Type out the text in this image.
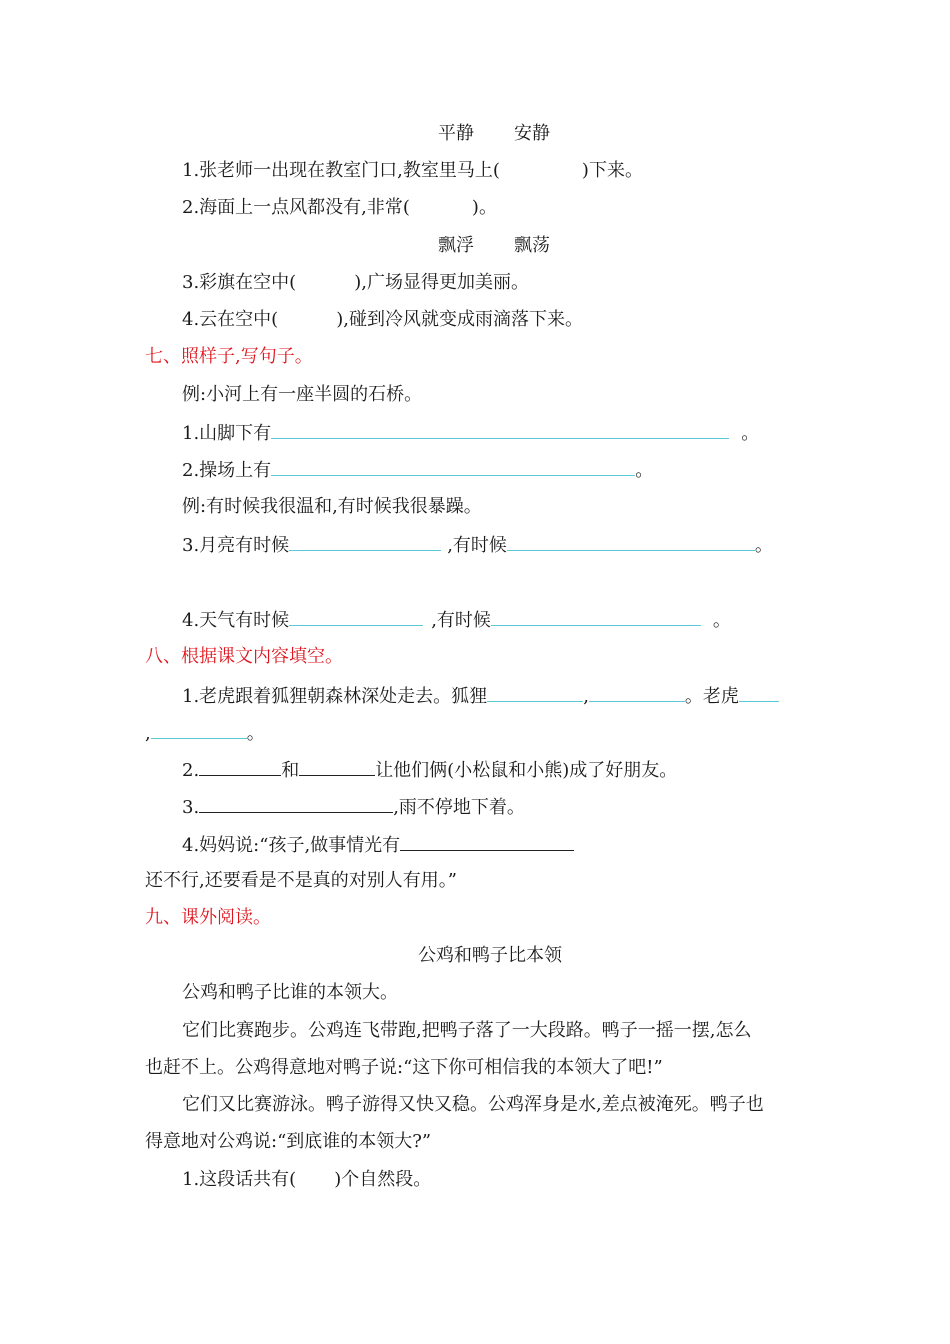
平静 安静
1.张老师一出现在教室门口,教室里马上(	)下来。
2.海面上一点风都没有,非常(	)。
飘浮 飘荡
3.彩旗在空中(	),广场显得更加美丽。
4.云在空中(	),碰到冷风就变成雨滴落下来。
七、照样子,写句子。
例:小河上有一座半圆的石桥。
1.山脚下有	。
2.操场上有	。
例:有时候我很温和,有时候我很暴躁。
3.月亮有时候	,有时候	。
4.天气有时候	,有时候	。
八、根据课文内容填空。
1.老虎跟着狐狸朝森林深处走去。狐狸	,	。老虎
,	。
2.	和	让他们俩(小松鼠和小熊)成了好朋友。
3.	,雨不停地下着。
4.妈妈说:“孩子,做事情光有
还不行,还要看是不是真的对别人有用。”
九、课外阅读。
公鸡和鸭子比本领
公鸡和鸭子比谁的本领大。
它们比赛跑步。公鸡连飞带跑,把鸭子落了一大段路。鸭子一摇一摆,怎么
也赶不上。公鸡得意地对鸭子说:“这下你可相信我的本领大了吧!”
它们又比赛游泳。鸭子游得又快又稳。公鸡浑身是水,差点被淹死。鸭子也
得意地对公鸡说:“到底谁的本领大?”
1.这段话共有( )个自然段。
